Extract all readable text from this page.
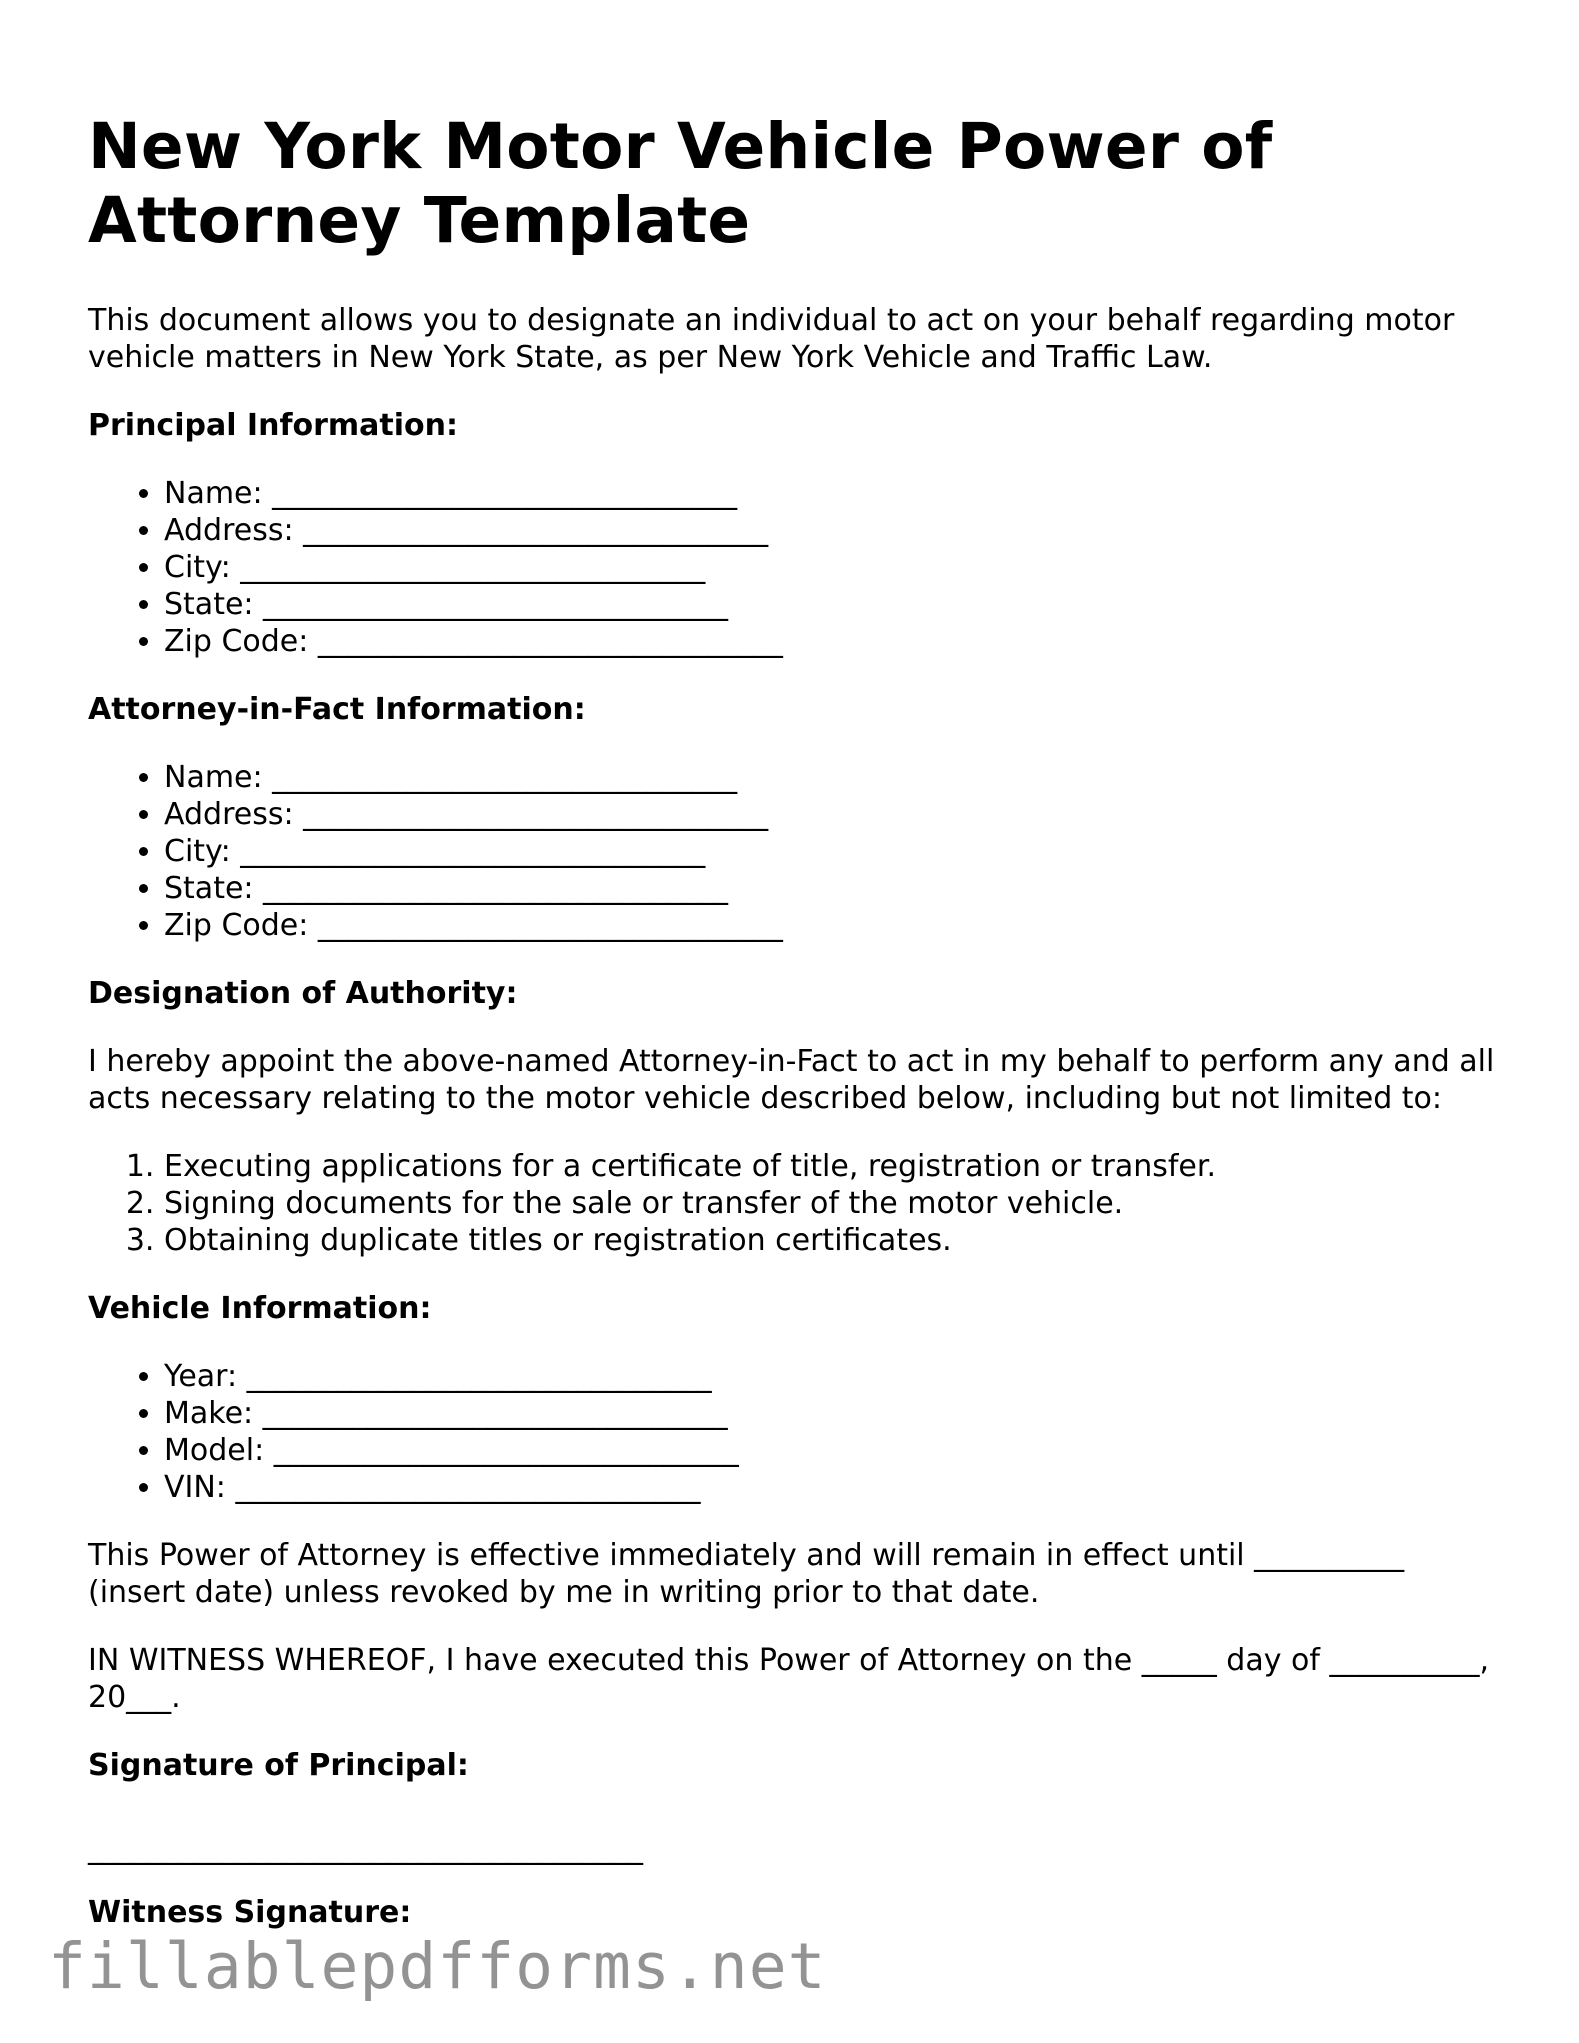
New York Motor Vehicle Power of Attorney Template

This document allows you to designate an individual to act on your behalf regarding motor vehicle matters in New York State, as per New York Vehicle and Traffic Law.

Principal Information:
• Name: _______________________________
• Address: _______________________________
• City: _______________________________
• State: _______________________________
• Zip Code: _______________________________
Attorney-in-Fact Information:
• Name: _______________________________
• Address: _______________________________
• City: _______________________________
• State: _______________________________
• Zip Code: _______________________________
Designation of Authority:

I hereby appoint the above-named Attorney-in-Fact to act in my behalf to perform any and all acts necessary relating to the motor vehicle described below, including but not limited to:

1. Executing applications for a certificate of title, registration or transfer.
2. Signing documents for the sale or transfer of the motor vehicle.
3. Obtaining duplicate titles or registration certificates.
Vehicle Information:
• Year: _______________________________
• Make: _______________________________
• Model: _______________________________
• VIN: _______________________________

This Power of Attorney is effective immediately and will remain in effect until __________ (insert date) unless revoked by me in writing prior to that date.

IN WITNESS WHEREOF, I have executed this Power of Attorney on the _____ day of __________, 20___.

Signature of Principal:
_____________________________________
Witness Signature:
fillablepdfforms.net
